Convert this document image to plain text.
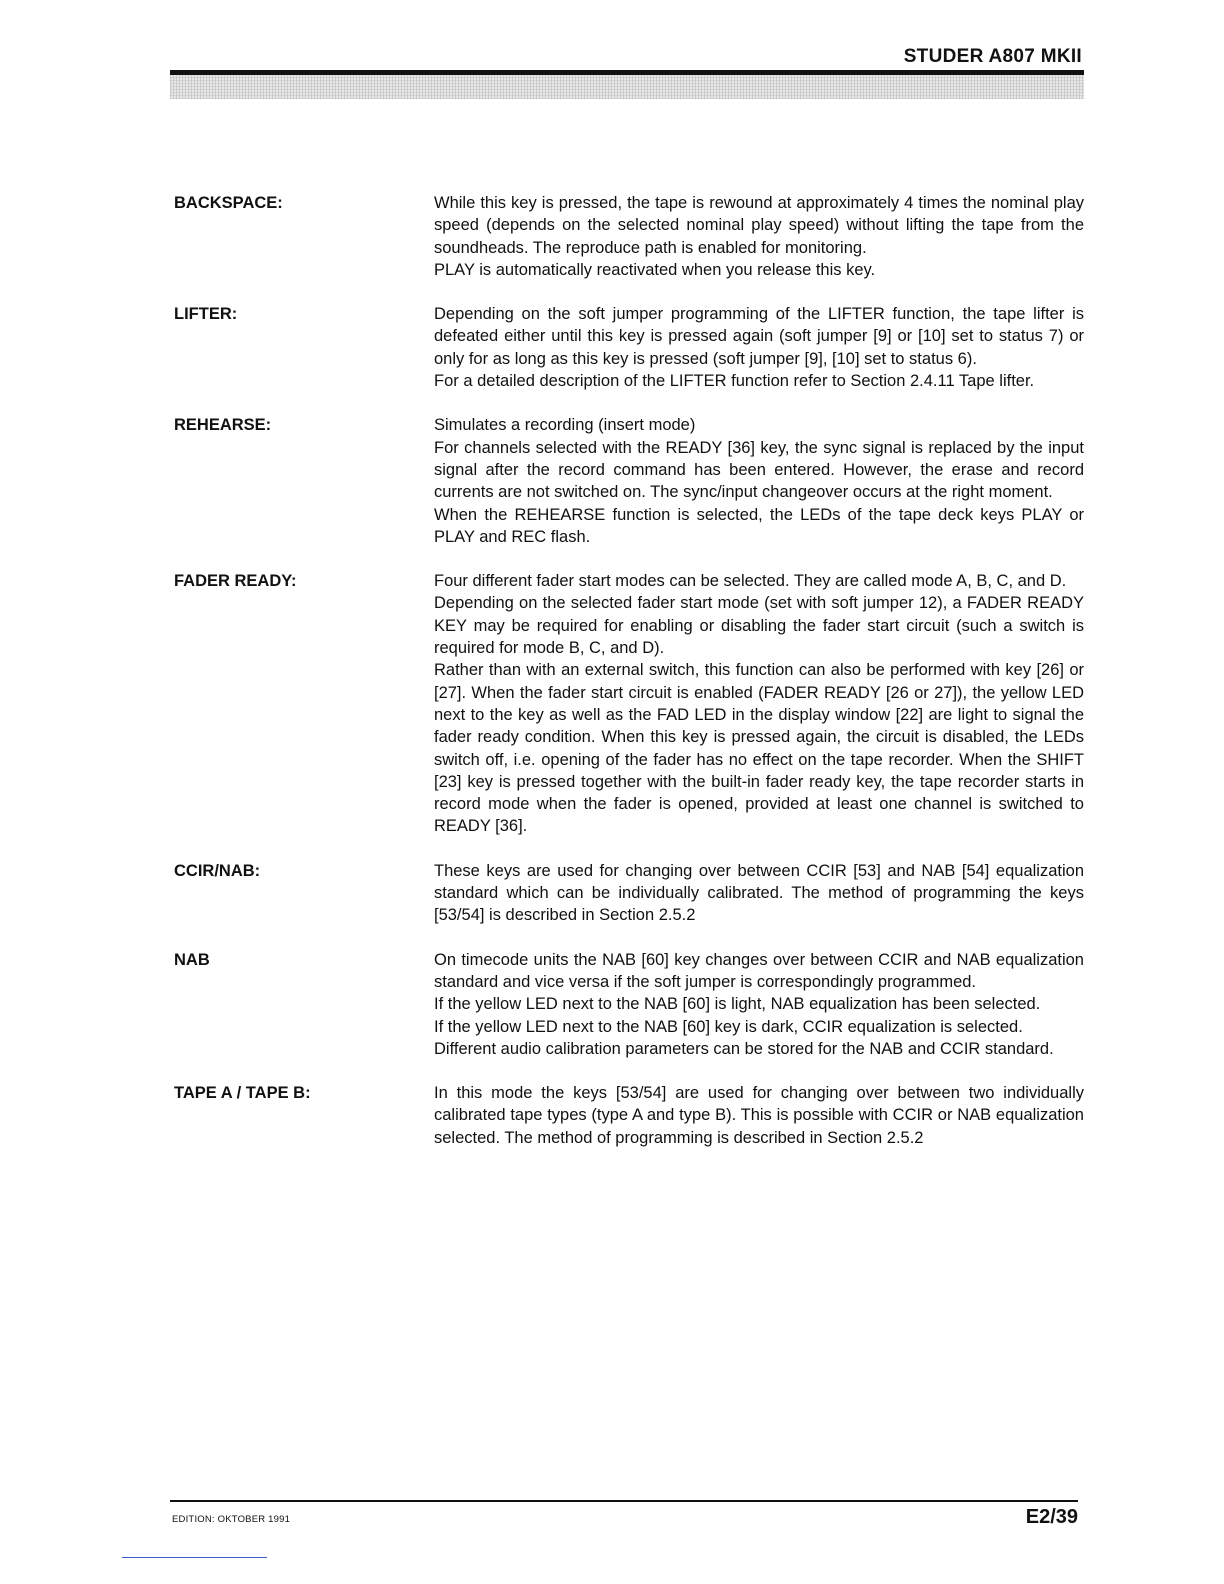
STUDER A807 MKII
BACKSPACE:	While this key is pressed, the tape is rewound at approximately 4 times the nominal play speed (depends on the selected nominal play speed) without lifting the tape from the soundheads. The reproduce path is enabled for monitoring.

PLAY is automatically reactivated when you release this key.

LIFTER:	Depending on the soft jumper programming of the LIFTER function, the tape lifter is defeated either until this key is pressed again (soft jumper [9] or [10] set to status 7) or only for as long as this key is pressed (soft jumper [9], [10] set to status 6).

For a detailed description of the LIFTER function refer to Section 2.4.11 Tape lifter.

REHEARSE:	Simulates a recording (insert mode)

For channels selected with the READY [36] key, the sync signal is replaced by the input signal after the record command has been entered. However, the erase and record currents are not switched on. The sync/input changeover occurs at the right moment.

When the REHEARSE function is selected, the LEDs of the tape deck keys PLAY or PLAY and REC flash.

FADER READY:	Four different fader start modes can be selected. They are called mode A, B, C, and D.

Depending on the selected fader start mode (set with soft jumper 12), a FADER READY KEY may be required for enabling or disabling the fader start circuit (such a switch is required for mode B, C, and D).

Rather than with an external switch, this function can also be performed with key [26] or [27]. When the fader start circuit is enabled (FADER READY [26 or 27]), the yellow LED next to the key as well as the FAD LED in the display window [22] are light to signal the fader ready condition. When this key is pressed again, the circuit is disabled, the LEDs switch off, i.e. opening of the fader has no effect on the tape recorder. When the SHIFT [23] key is pressed together with the built-in fader ready key, the tape recorder starts in record mode when the fader is opened, provided at least one channel is switched to READY [36].

CCIR/NAB:	These keys are used for changing over between CCIR [53] and NAB [54] equalization standard which can be individually calibrated. The method of programming the keys [53/54] is described in Section 2.5.2

NAB	On timecode units the NAB [60] key changes over between CCIR and NAB equalization standard and vice versa if the soft jumper is correspondingly programmed.

If the yellow LED next to the NAB [60] is light, NAB equalization has been selected.

If the yellow LED next to the NAB [60] key is dark, CCIR equalization is selected.

Different audio calibration parameters can be stored for the NAB and CCIR standard.

TAPE A / TAPE B:	In this mode the keys [53/54] are used for changing over between two individually calibrated tape types (type A and type B). This is possible with CCIR or NAB equalization selected. The method of programming is described in Section 2.5.2

EDITION: OKTOBER 1991	E2/39
